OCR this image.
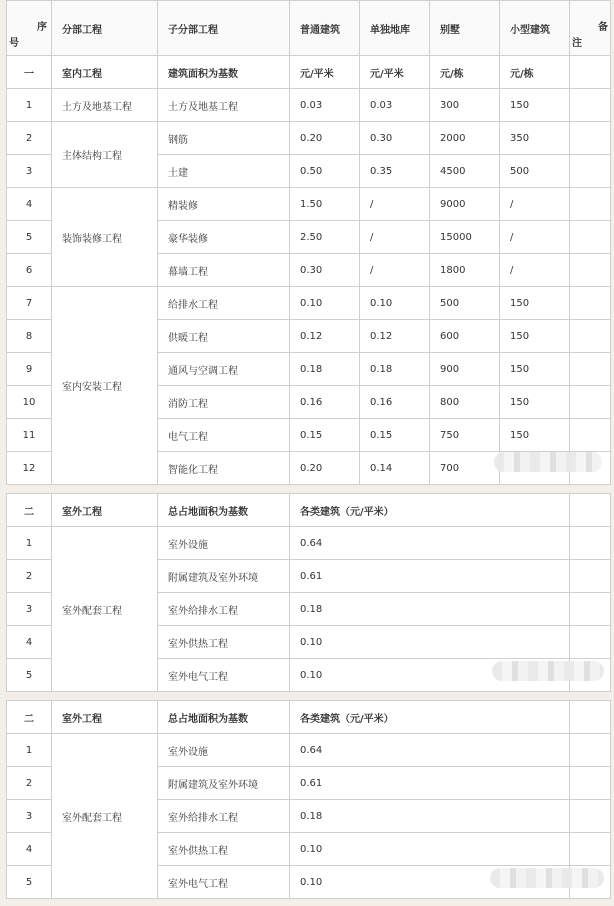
序
号	分部工程	子分部工程	普通建筑	单独地库	别墅	小型建筑	备
注

一	室内工程	建筑面积为基数	元/平米	元/平米	元/栋	元/栋	
1	土方及地基工程	土方及地基工程	0.03	0.03	300	150	
2	主体结构工程	钢筋	0.20	0.30	2000	350	
3		土建	0.50	0.35	4500	500	
4	装饰装修工程	精装修	1.50	/	9000	/	
5		豪华装修	2.50	/	15000	/	
6		幕墙工程	0.30	/	1800	/	
7	室内安装工程	给排水工程	0.10	0.10	500	150	
8		供暖工程	0.12	0.12	600	150	
9		通风与空调工程	0.18	0.18	900	150	
10		消防工程	0.16	0.16	800	150	
11		电气工程	0.15	0.15	750	150	
12		智能化工程	0.20	0.14	700		
二	室外工程	总占地面积为基数	各类建筑（元/平米）	
1	室外配套工程	室外设施	0.64	
2		附属建筑及室外环境	0.61	
3		室外给排水工程	0.18	
4		室外供热工程	0.10	
5		室外电气工程	0.10	
二	室外工程	总占地面积为基数	各类建筑（元/平米）	
1	室外配套工程	室外设施	0.64	
2		附属建筑及室外环境	0.61	
3		室外给排水工程	0.18	
4		室外供热工程	0.10	
5		室外电气工程	0.10	
